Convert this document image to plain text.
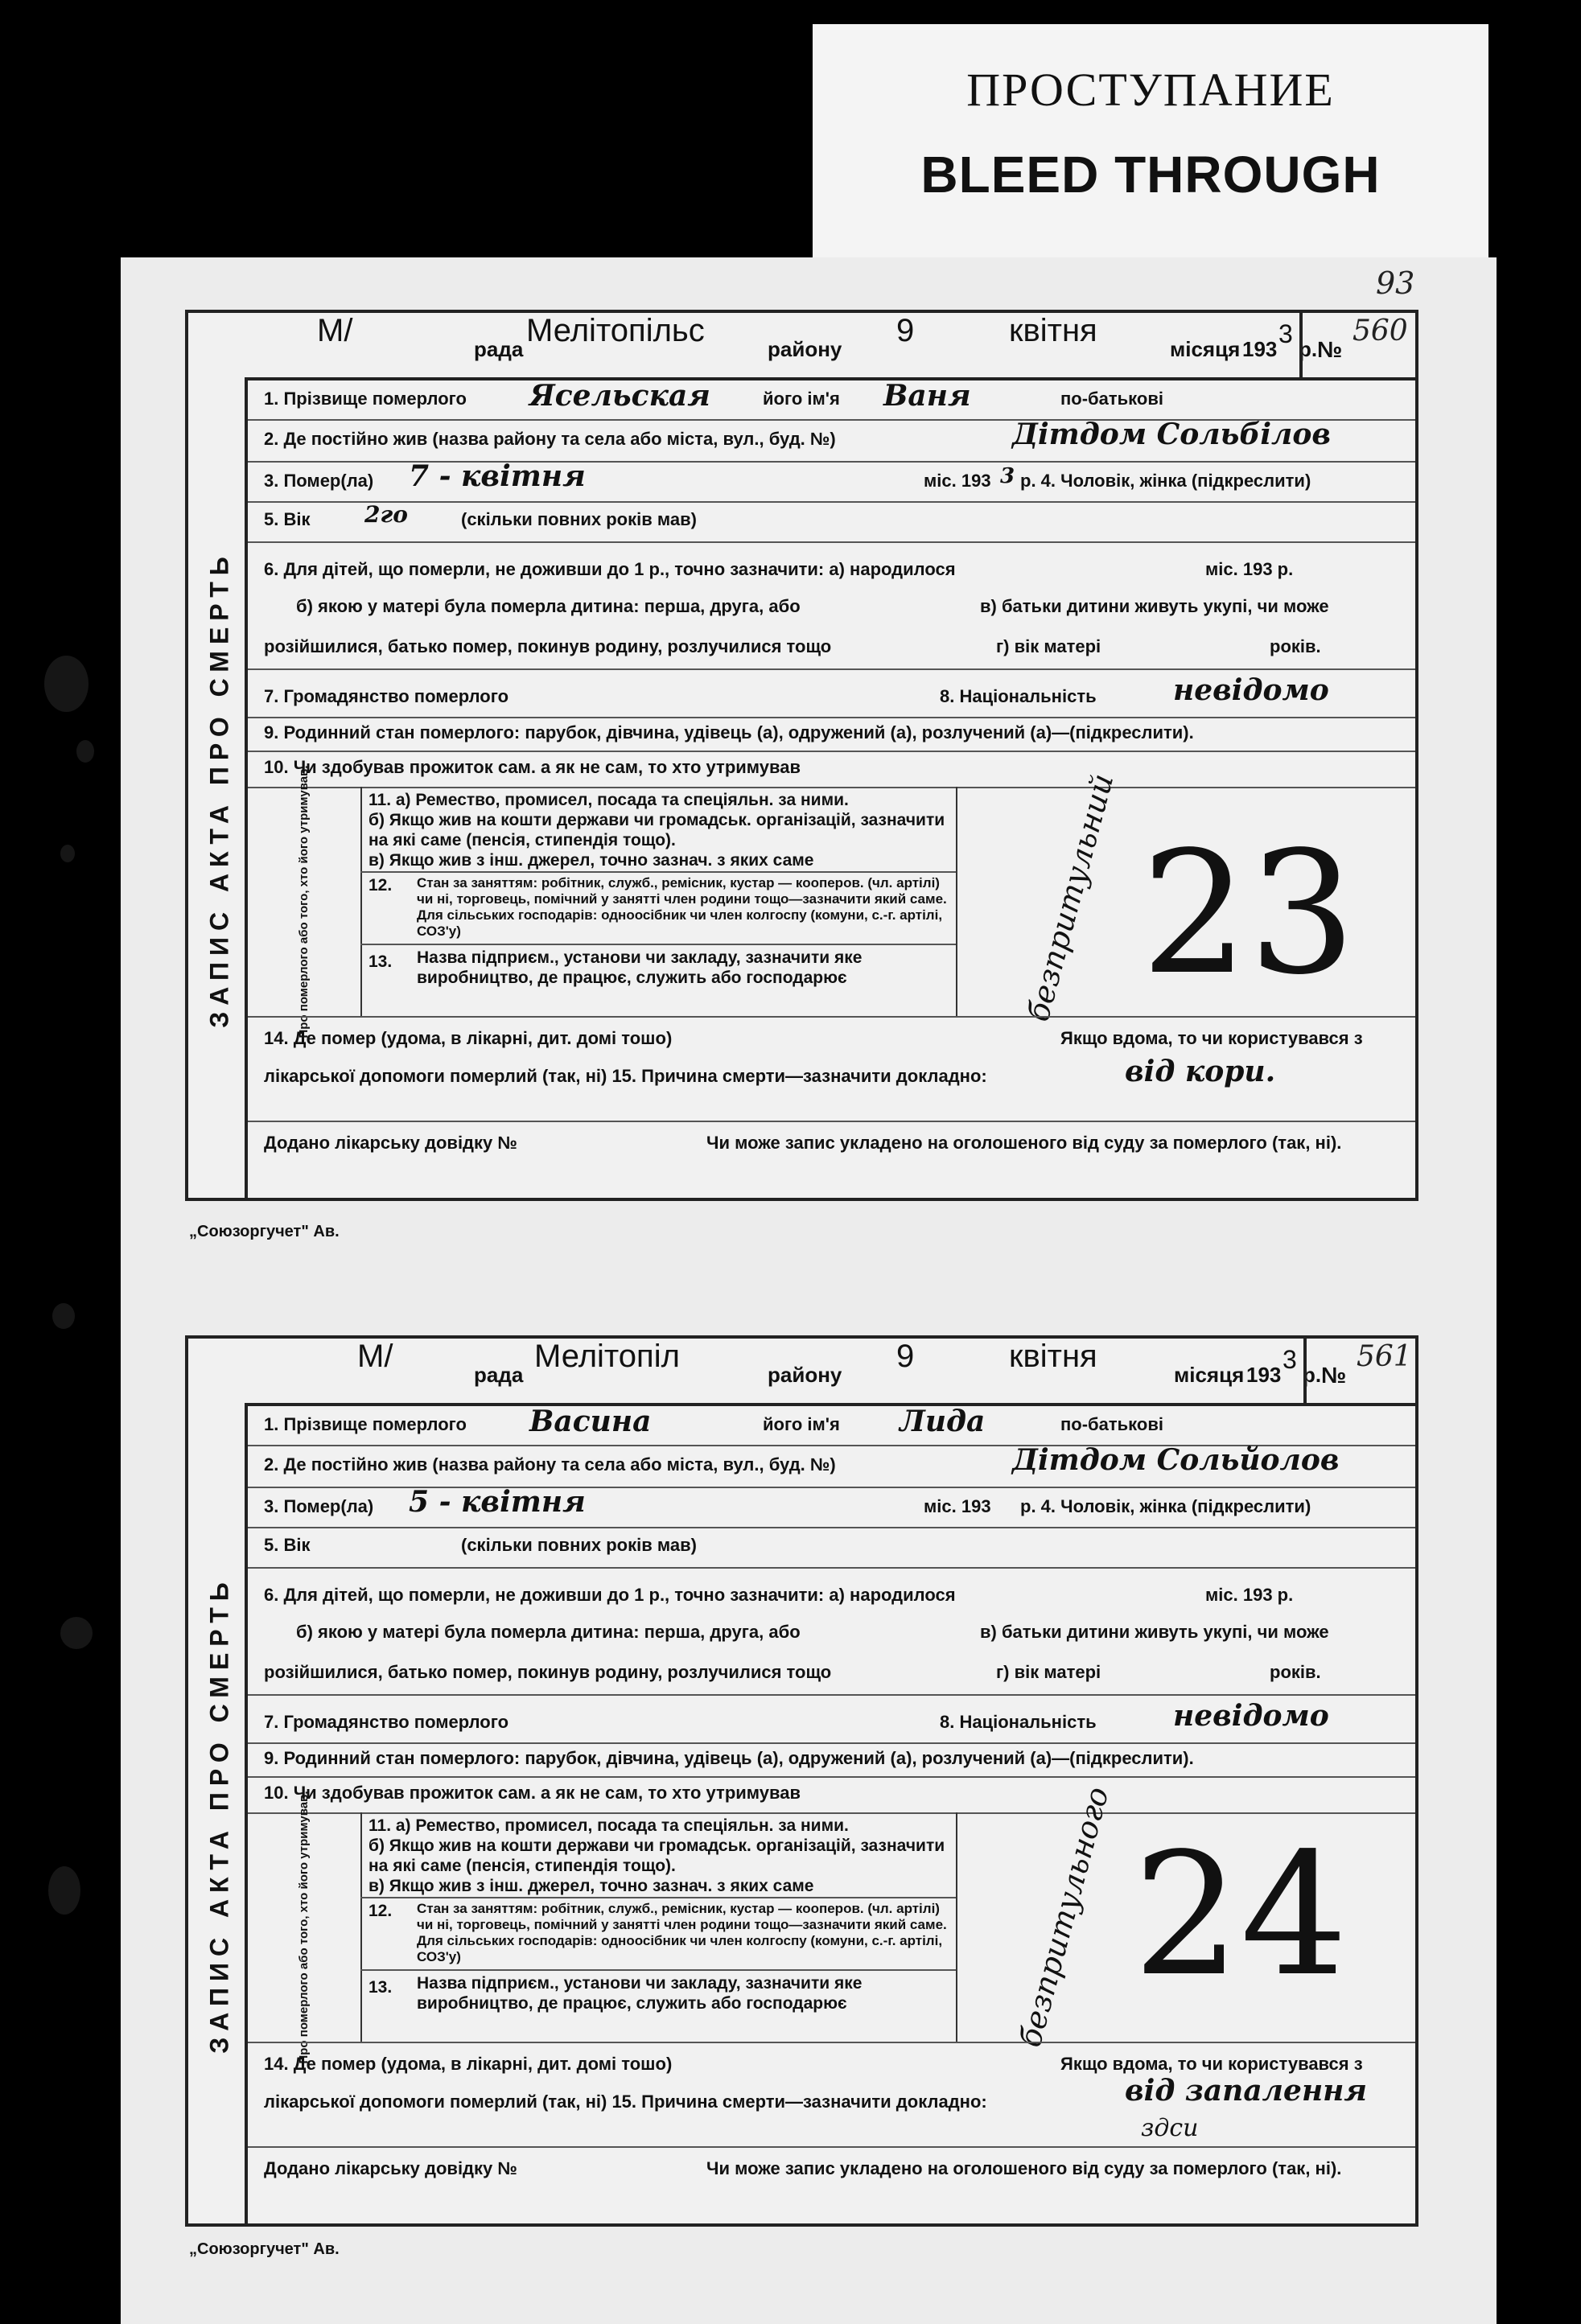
ПРОСТУПАНИЕ
BLEED THROUGH
93
М/
рада
Мелітопільс
району
9	квітня
місяця 193
3
р. №
560
ЗАПИС АКТА ПРО СМЕРТЬ
1. Прізвище померлого Ясельская	його ім'я Ваня	по-батькові
2. Де постійно жив (назва району та села або міста, вул., буд. №)	Дітдом Сольбілов
3. Помер(ла) 7 - квітня	міс. 193 3 р. 4. Чоловік, жінка (підкреслити)
5. Вік 2го	(скільки повних років мав)
6. Для дітей, що померли, не доживши до 1 р., точно зазначити: а) народилося	міс. 193 р.
б) якою у матері була померла дитина: перша, друга, або	в) батьки дитини живуть укупі, чи може
розійшилися, батько помер, покинув родину, розлучилися тощо	г) вік матері	років.
7. Громадянство померлого	8. Національність	невідомо
9. Родинний стан померлого: парубок, дівчина, удівець (а), одружений (а), розлучений (а)—(підкреслити).
10. Чи здобував прожиток сам. а як не сам, то хто утримував
Про померлого або того, хто його утримував.	11. а) Ремество, промисел, посада та спеціяльн. за ними.
б) Якщо жив на кошти держави чи громадськ. організацій, зазначити на які саме (пенсія, стипендія тощо).
в) Якщо жив з інш. джерел, точно зазнач. з яких саме
12. Стан за заняттям: робітник, служб., ремісник, кустар — кооперов. (чл. артілі) чи ні, торговець, помічний у занятті член родини тощо—зазначити який саме. Для сільських господарів: одноосібник чи член колгоспу (комуни, с.-г. артілі, СОЗ'у)
13. Назва підприєм., установи чи закладу, зазначити яке виробництво, де працює, служить або господарює	безпритульний 23
14. Де помер (удома, в лікарні, дит. домі тошо)	Якщо вдома, то чи користувався з
лікарської допомоги померлий (так, ні) 15. Причина смерти—зазначити докладно:	від кори.
Додано лікарську довідку №	Чи може запис укладено на оголошеного від суду за померлого (так, ні).
„Союзоргучет" Ав.
М/
рада
Мелітопіл
району
9	квітня
місяця 193
3
р. №
561
ЗАПИС АКТА ПРО СМЕРТЬ
1. Прізвище померлого Васина	його ім'я Лида	по-батькові
2. Де постійно жив (назва району та села або міста, вул., буд. №)	Дітдом Сольйолов
3. Помер(ла) 5 - квітня	міс. 193 р. 4. Чоловік, жінка (підкреслити)
5. Вік	(скільки повних років мав)
6. Для дітей, що померли, не доживши до 1 р., точно зазначити: а) народилося	міс. 193 р.
б) якою у матері була померла дитина: перша, друга, або	в) батьки дитини живуть укупі, чи може
розійшилися, батько помер, покинув родину, розлучилися тощо	г) вік матері	років.
7. Громадянство померлого	8. Національність	невідомо
9. Родинний стан померлого: парубок, дівчина, удівець (а), одружений (а), розлучений (а)—(підкреслити).
10. Чи здобував прожиток сам. а як не сам, то хто утримував
Про померлого або того, хто його утримував.	11. а) Ремество, промисел, посада та спеціяльн. за ними.
б) Якщо жив на кошти держави чи громадськ. організацій, зазначити на які саме (пенсія, стипендія тощо).
в) Якщо жив з інш. джерел, точно зазнач. з яких саме
12. Стан за заняттям: робітник, служб., ремісник, кустар — кооперов. (чл. артілі) чи ні, торговець, помічний у занятті член родини тощо—зазначити який саме. Для сільських господарів: одноосібник чи член колгоспу (комуни, с.-г. артілі, СОЗ'у)
13. Назва підприєм., установи чи закладу, зазначити яке виробництво, де працює, служить або господарює	безпритульного 24
14. Де помер (удома, в лікарні, дит. домі тошо)	Якщо вдома, то чи користувався з
лікарської допомоги померлий (так, ні) 15. Причина смерти—зазначити докладно:	від запалення
здси
Додано лікарську довідку №	Чи може запис укладено на оголошеного від суду за померлого (так, ні).
„Союзоргучет" Ав.
